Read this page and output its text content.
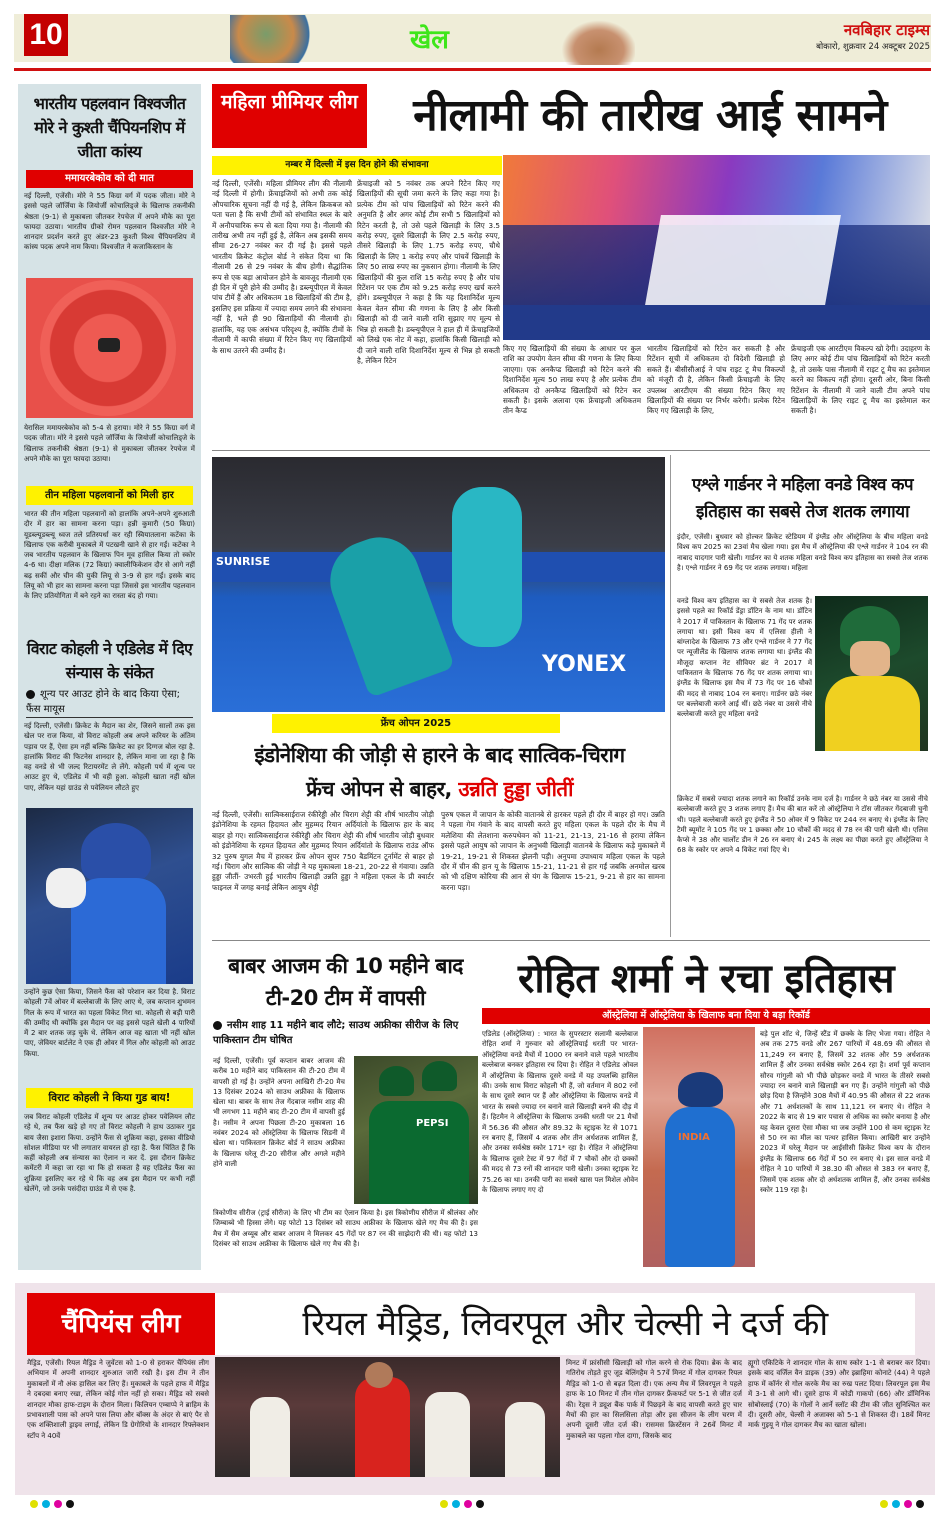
10	खेल	नवबिहार टाइम्स
बोकारो, शुक्रवार 24 अक्टूबर 2025
भारतीय पहलवान विश्वजीत मोरे ने कुश्ती चैंपियनशिप में जीता कांस्य
ममायरबेकोव को दी मात
नई दिल्ली, एजेंसी। मोरे ने 55 किग्रा वर्ग में पदक जीता। मोरे ने इससे पहले जॉर्जिया के जियोर्जी कोचालिड्जे के खिलाफ तकनीकी श्रेष्ठता (9-1) से मुकाबला जीतकर रेपचेज में अपने मौके का पूरा फायदा उठाया। भारतीय ग्रीको रोमन पहलवान विश्वजीत मोरे ने शानदार प्रदर्शन करते हुए अंडर-23 कुश्ती विश्व चैंपियनशिप में कांस्य पदक अपने नाम किया। विश्वजीत ने कजाकिस्तान के
येरासिल ममायरबेकोव को 5-4 से हराया। मोरे ने 55 किग्रा वर्ग में पदक जीता। मोरे ने इससे पहले जॉर्जिया के जियोर्जी कोचालिड्जे के खिलाफ तकनीकी श्रेष्ठता (9-1) से मुकाबला जीतकर रेपचेज में अपने मौके का पूरा फायदा उठाया।
तीन महिला पहलवानों को मिली हार
भारत की तीन महिला पहलवानों को हालांकि अपने-अपने शुरुआती दौर में हार का सामना करना पड़ा। हन्नी कुमारी (50 किग्रा) यूडब्ल्यूडब्ल्यू ध्वज तले प्रतिस्पर्धा कर रही स्वियातलाना कटेंका के खिलाफ एक करीबी मुकाबले में पटखनी खाने से हार गईं। कटेंका ने जब भारतीय पहलवान के खिलाफ पिन मूव हासिल किया तो स्कोर 4-6 था। दीक्षा मलिक (72 किग्रा) क्वालीफिकेशन दौर से आगे नहीं बढ़ सकीं और चीन की युकी लियू से 3-9 से हार गईं। इसके बाद लियू को भी हार का सामना करना पड़ा जिससे इस भारतीय पहलवान के लिए प्रतियोगिता में बने रहने का रास्ता बंद हो गया।
विराट कोहली ने एडिलेड में दिए संन्यास के संकेत
शून्य पर आउट होने के बाद किया ऐसा; फैंस मायूस
नई दिल्ली, एजेंसी। क्रिकेट के मैदान का शेर, जिसने सालों तक इस खेल पर राज किया, वो विराट कोहली अब अपने करियर के अंतिम पड़ाव पर हैं, ऐसा हम नहीं बल्कि क्रिकेट का हर दिग्गज बोल रहा है. हालांकि विराट की फिटनेस शानदार है, लेकिन माना जा रहा है कि वह वनडे से भी जल्द रिटायरमेंट ले लेंगे. कोहली पर्थ में शून्य पर आउट हुए थे, एडिलेड में भी वही हुआ. कोहली खाता नहीं खोल पाए, लेकिन यहां ग्राउंड से पवेलियन लौटते हुए
उन्होंने कुछ ऐसा किया, जिसने फैंस को परेशान कर दिया है. विराट कोहली 7वें ओवर में बल्लेबाजी के लिए आए थे, जब कप्तान शुभमन गिल के रूप में भारत का पहला विकेट गिरा था. कोहली से बड़ी पारी की उम्मीद थी क्योंकि इस मैदान पर वह इससे पहले खेली 4 पारियों में 2 बार शतक जड़ चुके थे. लेकिन आज वह खाता भी नहीं खोल पाए, जेवियर बार्टलेट ने एक ही ओवर में गिल और कोहली को आउट किया.
विराट कोहली ने किया गुड बाय!
जब विराट कोहली एडिलेड में शून्य पर आउट होकर पवेलियन लौट रहे थे, तब फैंस खड़े हो गए तो विराट कोहली ने हाथ उठाकर गुड बाय जैसा इशारा किया. उन्होंने फैंस से शुक्रिया कहा, इसका वीडियो सोशल मीडिया पर भी लगातार वायरल हो रहा है. फैंस चिंतित हैं कि कहीं कोहली अब संन्यास का ऐलान न कर दें. इस दौरान क्रिकेट कमेंटरी में कहा जा रहा था कि हो सकता है वह एडिलेड फैंस का शुक्रिया इसलिए कर रहे थे कि वह अब इस मैदान पर कभी नहीं खेलेंगे, जो उनके पसंदीदा ग्राउंड में से एक है.
महिला प्रीमियर लीग	नीलामी की तारीख आई सामने
नम्बर में दिल्ली में इस दिन होने की संभावना
नई दिल्ली, एजेंसी। महिला प्रीमियर लीग की नीलामी नई दिल्ली में होगी। फ्रेंचाइजियों को अभी तक कोई औपचारिक सूचना नहीं दी गई है, लेकिन क्रिकबज को पता चला है कि सभी टीमों को संभावित स्थल के बारे में अनौपचारिक रूप से बता दिया गया है। नीलामी की तारीख अभी तय नहीं हुई है, लेकिन अब इसकी समय सीमा 26-27 नवंबर कर दी गई है। इससे पहले भारतीय क्रिकेट कंट्रोल बोर्ड ने संकेत दिया था कि नीलामी 26 से 29 नवंबर के बीच होगी। सैद्धांतिक रूप से एक बड़ा आयोजन होने के बावजूद नीलामी एक ही दिन में पूरी होने की उम्मीद है। डब्ल्यूपीएल में केवल पांच टीमें हैं और अधिकतम 18 खिलाड़ियों की टीम है, इसलिए इस प्रक्रिया में ज्यादा समय लगने की संभावना नहीं है, भले ही 90 खिलाड़ियों की नीलामी हो। हालांकि, यह एक असंभव परिदृश्य है, क्योंकि टीमों के नीलामी में काफी संख्या में रिटेन किए गए खिलाड़ियों के साथ उतरने की उम्मीद है।
फ्रेंचाइजी को 5 नवंबर तक अपने रिटेन किए गए खिलाड़ियों की सूची जमा करने के लिए कहा गया है। प्रत्येक टीम को पांच खिलाड़ियों को रिटेन करने की अनुमति है और अगर कोई टीम सभी 5 खिलाड़ियों को रिटेन करती है, तो उसे पहले खिलाड़ी के लिए 3.5 करोड़ रुपए, दूसरे खिलाड़ी के लिए 2.5 करोड़ रुपए, तीसरे खिलाड़ी के लिए 1.75 करोड़ रुपए, चौथे खिलाड़ी के लिए 1 करोड़ रुपए और पांचवें खिलाड़ी के लिए 50 लाख रुपए का नुकसान होगा। नीलामी के लिए खिलाड़ियों की कुल राशि 15 करोड़ रुपए है और पांच रिटेंशन पर एक टीम को 9.25 करोड़ रुपए खर्च करने होंगे। डब्ल्यूपीएल ने कहा है कि यह दिशानिर्देश मूल्य केवल वेतन सीमा की गणना के लिए है और किसी खिलाड़ी को दी जाने वाली राशि सुझाए गए मूल्य से भिन्न हो सकती है। डब्ल्यूपीएल ने हाल ही में फ्रेंचाइजियों को लिखे एक नोट में कहा, हालांकि किसी खिलाड़ी को दी जाने वाली राशि दिशानिर्देश मूल्य से भिन्न हो सकती है, लेकिन रिटेन
किए गए खिलाड़ियों की संख्या के आधार पर कुल राशि का उपयोग वेतन सीमा की गणना के लिए किया जाएगा। एक अनकैप्ड खिलाड़ी को रिटेन करने की दिशानिर्देश मूल्य 50 लाख रुपए है और प्रत्येक टीम अधिकतम दो अनकैप्ड खिलाड़ियों को रिटेन कर सकती है। इसके अलावा एक फ्रेंचाइजी अधिकतम तीन कैप्ड
भारतीय खिलाड़ियों को रिटेन कर सकती है और रिटेंशन सूची में अधिकतम दो विदेशी खिलाड़ी हो सकते हैं। बीसीसीआई ने पांच राइट टू मैच विकल्पों को मंजूरी दी है, लेकिन किसी फ्रेंचाइजी के लिए उपलब्ध आरटीएम की संख्या रिटेन किए गए खिलाड़ियों की संख्या पर निर्भर करेगी। प्रत्येक रिटेन किए गए खिलाड़ी के लिए,
फ्रेंचाइजी एक आरटीएम विकल्प खो देगी। उदाहरण के लिए अगर कोई टीम पांच खिलाड़ियों को रिटेन करती है, तो उसके पास नीलामी में राइट टू मैच का इस्तेमाल करने का विकल्प नहीं होगा। दूसरी ओर, बिना किसी रिटेंशन के नीलामी में जाने वाली टीम अपने पांच खिलाड़ियों के लिए राइट टू मैच का इस्तेमाल कर सकती है।
SUNRISE
YONEX
फ्रेंच ओपन 2025
इंडोनेशिया की जोड़ी से हारने के बाद सात्विक-चिराग
फ्रेंच ओपन से बाहर, उन्नति हुड्डा जीतीं
नई दिल्ली, एजेंसी। सात्विकसाईराज रंकीरेड्डी और चिराग शेट्टी की शीर्ष भारतीय जोड़ी इंडोनेशिया के रहमत हिदायत और मुहम्मद रियान अर्दियांतो के खिलाफ हार के बाद बाहर हो गए। सात्विकसाईराज रंकीरेड्डी और चिराग शेट्टी की शीर्ष भारतीय जोड़ी बुधवार को इंडोनेशिया के रहमत हिदायत और मुहम्मद रियान अर्दियांतो के खिलाफ राउंड ऑफ 32 पुरुष युगल मैच में हारकर फ्रेंच ओपन सुपर 750 बैडमिंटन टूर्नामेंट से बाहर हो गई। चिराग और सात्विक की जोड़ी ने यह मुकाबला 18-21, 20-22 से गंवाया। उन्नति हुड्डा जीतीं- उभरती हुई भारतीय खिलाड़ी उन्नति हुड्डा ने महिला एकल के प्री क्वार्टर फाइनल में जगह बनाई लेकिन आयुष शेट्टी
पुरुष एकल में जापान के कोकी वातानबे से हारकर पहले ही दौर में बाहर हो गए। उन्नति ने पहला गेम गंवाने के बाद वापसी करते हुए महिला एकल के पहले दौर के मैच में मलेशिया की लेतशाना करुपथेवन को 11-21, 21-13, 21-16 से हराया लेकिन इससे पहले आयुष को जापान के अनुभवी खिलाड़ी वातानबे के खिलाफ कड़े मुकाबले में 19-21, 19-21 से शिकस्त झेलनी पड़ी। अनुपमा उपाध्याय महिला एकल के पहले दौर में चीन की हान यू के खिलाफ 15-21, 11-21 से हार गईं जबकि अनमोल खरब को भी दक्षिण कोरिया की आन से यंग के खिलाफ 15-21, 9-21 से हार का सामना करना पड़ा।
एश्ले गार्डनर ने महिला वनडे विश्व कप इतिहास का सबसे तेज शतक लगाया
इंदौर, एजेंसी। बुधवार को होल्कर क्रिकेट स्टेडियम में इंग्लैंड और ऑस्ट्रेलिया के बीच महिला वनडे विश्व कप 2025 का 23वां मैच खेला गया। इस मैच में ऑस्ट्रेलिया की एश्ले गार्डनर ने 104 रन की नाबाद यादगार पारी खेली। गार्डनर का ये शतक महिला वनडे विश्व कप इतिहास का सबसे तेज शतक है। एश्ले गार्डनर ने 69 गेंद पर शतक लगाया। महिला
वनडे विश्व कप इतिहास का ये सबसे तेज शतक है। इससे पहले का रिकॉर्ड डेंड्रा डॉटिन के नाम था। डॉटिन ने 2017 में पाकिस्तान के खिलाफ 71 गेंद पर शतक लगाया था। इसी विश्व कप में एलिसा हीली ने बांग्लादेश के खिलाफ 73 और एश्ले गार्डनर ने 77 गेंद पर न्यूजीलैंड के खिलाफ शतक लगाया था। इंग्लैंड की मौजूदा कप्तान नेट सीवियर ब्रंट ने 2017 में पाकिस्तान के खिलाफ 76 गेंद पर शतक लगाया था। इंग्लैंड के खिलाफ इस मैच में 73 गेंद पर 16 चौकों की मदद से नाबाद 104 रन बनाए। गार्डनर छठे नंबर पर बल्लेबाजी करने आई थीं। छठे नंबर या उससे नीचे बल्लेबाजी करते हुए महिला वनडे
क्रिकेट में सबसे ज्यादा शतक लगाने का रिकॉर्ड उनके नाम दर्ज है। गार्डनर ने छठे नंबर या उससे नीचे बल्लेबाजी करते हुए 3 शतक लगाए हैं। मैच की बात करें तो ऑस्ट्रेलिया ने टॉस जीतकर गेंदबाजी चुनी थी। पहले बल्लेबाजी करते हुए इंग्लैंड ने 50 ओवर में 9 विकेट पर 244 रन बनाए थे। इंग्लैंड के लिए टैमी ब्यूमोंट ने 105 गेंद पर 1 छक्का और 10 चौकों की मदद से 78 रन की पारी खेली थी। एलिस कैप्से ने 38 और चार्लोट डीन ने 26 रन बनाए थे। 245 के लक्ष्य का पीछा करते हुए ऑस्ट्रेलिया ने 68 के स्कोर पर अपने 4 विकेट गवां दिए थे।
बाबर आजम की 10 महीने बाद टी-20 टीम में वापसी
नसीम शाह 11 महीने बाद लौटे; साउथ अफ्रीका सीरीज के लिए पाकिस्तान टीम घोषित
नई दिल्ली, एजेंसी। पूर्व कप्तान बाबर आजम की करीब 10 महीने बाद पाकिस्तान की टी-20 टीम में वापसी हो गई है। उन्होंने अपना आखिरी टी-20 मैच 13 दिसंबर 2024 को साउथ अफ्रीका के खिलाफ खेला था। बाबर के साथ तेज गेंदबाज नसीम शाह की भी लगभग 11 महीने बाद टी-20 टीम में वापसी हुई है। नसीम ने अपना पिछला टी-20 मुकाबला 16 नवंबर 2024 को ऑस्ट्रेलिया के खिलाफ सिडनी में खेला था। पाकिस्तान क्रिकेट बोर्ड ने साउथ अफ्रीका के खिलाफ घरेलू टी-20 सीरीज और अगले महीने होने वाली
PEPSI
त्रिकोणीय सीरीज (ट्राई सीरीज) के लिए भी टीम का ऐलान किया है। इस त्रिकोणीय सीरीज में श्रीलंका और जिम्बाब्वे भी हिस्सा लेंगे। यह फोटो 13 दिसंबर को साउथ अफ्रीका के खिलाफ खेले गए मैच की है। इस मैच में सैम अय्यूब और बाबर आजम ने मिलकर 45 गेंदों पर 87 रन की साझेदारी की थी। यह फोटो 13 दिसंबर को साउथ अफ्रीका के खिलाफ खेले गए मैच की है।
रोहित शर्मा ने रचा इतिहास
ऑस्ट्रेलिया में ऑस्ट्रेलिया के खिलाफ बना दिया ये बड़ा रिकॉर्ड
एडिलेड (ऑस्ट्रेलिया) : भारत के सुपरस्टार सलामी बल्लेबाज रोहित शर्मा ने गुरुवार को ऑस्ट्रेलियाई धरती पर भारत-ऑस्ट्रेलिया वनडे मैचों में 1000 रन बनाने वाले पहले भारतीय बल्लेबाज बनकर इतिहास रच दिया है। रोहित ने एडिलेड ओवल में ऑस्ट्रेलिया के खिलाफ दूसरे वनडे में यह उपलब्धि हासिल की। उनके साथ विराट कोहली भी हैं, जो वर्तमान में 802 रनों के साथ दूसरे स्थान पर हैं और ऑस्ट्रेलिया के खिलाफ वनडे में भारत के सबसे ज्यादा रन बनाने वाले खिलाड़ी बनने की दौड़ में हैं। हिटमैन ने ऑस्ट्रेलिया के खिलाफ उनकी धरती पर 21 मैचों में 56.36 की औसत और 89.32 के स्ट्राइक रेट से 1071 रन बनाए हैं, जिसमें 4 शतक और तीन अर्धशतक शामिल हैं, और उनका सर्वश्रेष्ठ स्कोर 171* रहा है। रोहित ने ऑस्ट्रेलिया के खिलाफ दूसरे टेस्ट में 97 गेंदों में 7 चौकों और दो छक्कों की मदद से 73 रनों की शानदार पारी खेली। उनका स्ट्राइक रेट 75.26 का था। उनकी पारी का सबसे खास पल मिशेल ओवेन के खिलाफ लगाए गए दो
INDIA
बड़े पुल शॉट थे, जिन्हें स्टैंड में छक्के के लिए भेजा गया। रोहित ने अब तक 275 वनडे और 267 पारियों में 48.69 की औसत से 11,249 रन बनाए हैं, जिसमें 32 शतक और 59 अर्धशतक शामिल हैं और उनका सर्वश्रेष्ठ स्कोर 264 रहा है। शर्मा पूर्व कप्तान सौरव गांगुली को भी पीछे छोड़कर वनडे में भारत के तीसरे सबसे ज्यादा रन बनाने वाले खिलाड़ी बन गए हैं। उन्होंने गांगुली को पीछे छोड़ दिया है जिन्होंने 308 मैचों में 40.95 की औसत से 22 शतक और 71 अर्धशतकों के साथ 11,121 रन बनाए थे। रोहित ने 2022 के बाद से 19 बार पचास से अधिक का स्कोर बनाया है और यह केवल दूसरा ऐसा मौका था जब उन्होंने 100 से कम स्ट्राइक रेट से 50 रन का मील का पत्थर हासिल किया। आखिरी बार उन्होंने 2023 में घरेलू मैदान पर आईसीसी क्रिकेट विश्व कप के दौरान इंग्लैंड के खिलाफ 66 गेंदों में 50 रन बनाए थे। इस साल वनडे में रोहित ने 10 पारियों में 38.30 की औसत से 383 रन बनाए हैं, जिसमें एक शतक और दो अर्धशतक शामिल हैं, और उनका सर्वश्रेष्ठ स्कोर 119 रहा है।
चैंपियंस लीग	रियल मैड्रिड, लिवरपूल और चेल्सी ने दर्ज की
मैड्रिड, एजेंसी। रियल मैड्रिड ने जुवेंटस को 1-0 से हराकर चैंपियंस लीग अभियान में अपनी शानदार शुरुआत जारी रखी है। इस टीम ने तीन मुकाबलों में नौ अंक हासिल कर लिए हैं। मुकाबले के पहले हाफ में मैड्रिड ने दबदबा बनाए रखा, लेकिन कोई गोल नहीं हो सका। मैड्रिड को सबसे शानदार मौका हाफ-टाइम के दौरान मिला। किलियन एम्बाप्पे ने ब्राहिम के प्रभावशाली पास को अपने पास लिया और बॉक्स के अंदर से बाएं पैर से एक शक्तिशाली ड्राइव लगाई, लेकिन डि ग्रेगोरियो के शानदार रिफ्लेक्शन स्टॉप ने 40वें
मिनट में फ्रांसीसी खिलाड़ी को गोल करने से रोक दिया। ब्रेक के बाद गतिरोध तोड़ते हुए जूड बेलिंगहैम ने 57वें मिनट में गोल दागकर रियल मैड्रिड को 1-0 से बढ़त दिला दी। एक अन्य मैच में लिवरपूल ने पहले हाफ के 10 मिनट में तीन गोल दागकर फ्रैंकफर्ट पर 5-1 से जीत दर्ज की। रेड्स ने ड्यूश बैंक पार्क में पिछड़ने के बाद वापसी करते हुए चार मैचों की हार का सिलसिला तोड़ा और इस सीजन के लीग चरण में अपनी दूसरी जीत दर्ज की। रासमस क्रिस्टेंसन ने 26वें मिनट में मुकाबले का पहला गोल दागा, जिसके बाद
ह्यूगो एकिटिके ने शानदार गोल के साथ स्कोर 1-1 से बराबर कर दिया। इसके बाद वर्जिल वैन डाइक (39) और इब्राहिमा कोनाटे (44) ने पहले हाफ में कॉर्नर से गोल करके मैच का रुख पलट दिया। लिवरपूल इस मैच में 3-1 से आगे थी। दूसरे हाफ में कोडी गाकपो (66) और डॉमिनिक सोबोस्लाई (70) के गोलों ने आर्ने स्लॉट की टीम की जीत सुनिश्चित कर दी। दूसरी ओर, चेल्सी ने अजाक्स को 5-1 से शिकस्त दी। 18वें मिनट मार्क गुइयू ने गोल दागकर मैच का खाता खोला।
